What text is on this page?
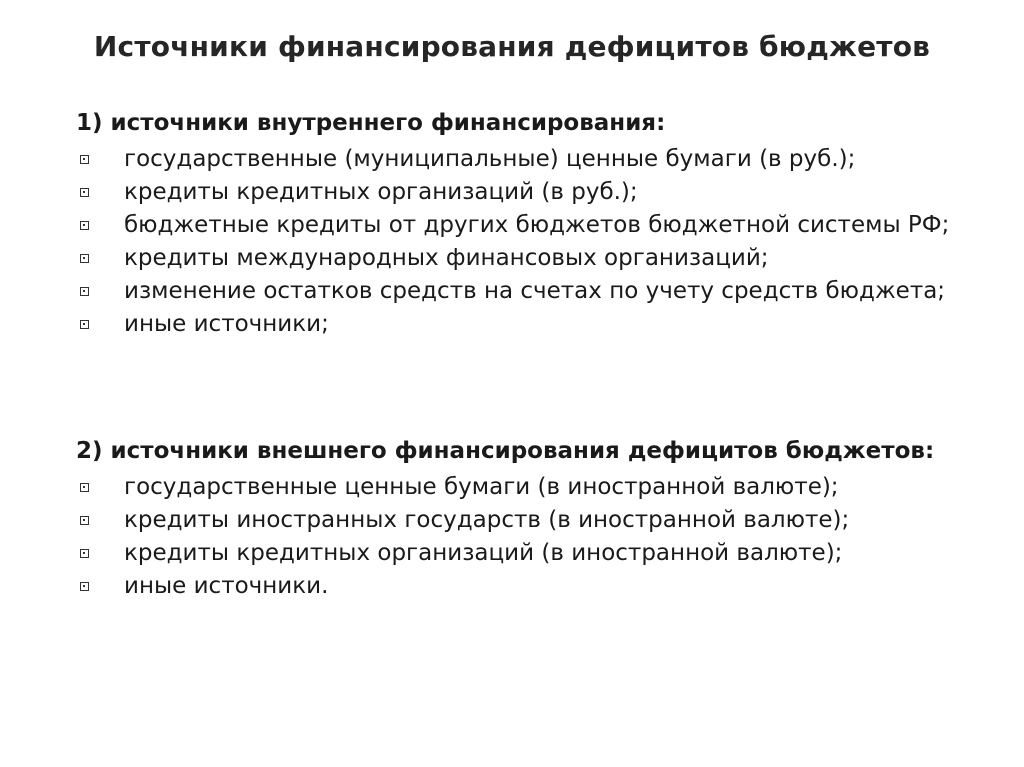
Источники финансирования дефицитов бюджетов
1) источники внутреннего финансирования:
государственные (муниципальные) ценные бумаги (в руб.);
кредиты кредитных организаций (в руб.);
бюджетные кредиты от других бюджетов бюджетной системы РФ;
кредиты международных финансовых организаций;
изменение остатков средств на счетах по учету средств бюджета;
иные источники;
2) источники внешнего финансирования дефицитов бюджетов:
государственные ценные бумаги (в иностранной валюте);
кредиты иностранных государств (в иностранной валюте);
кредиты кредитных организаций (в иностранной валюте);
иные источники.
